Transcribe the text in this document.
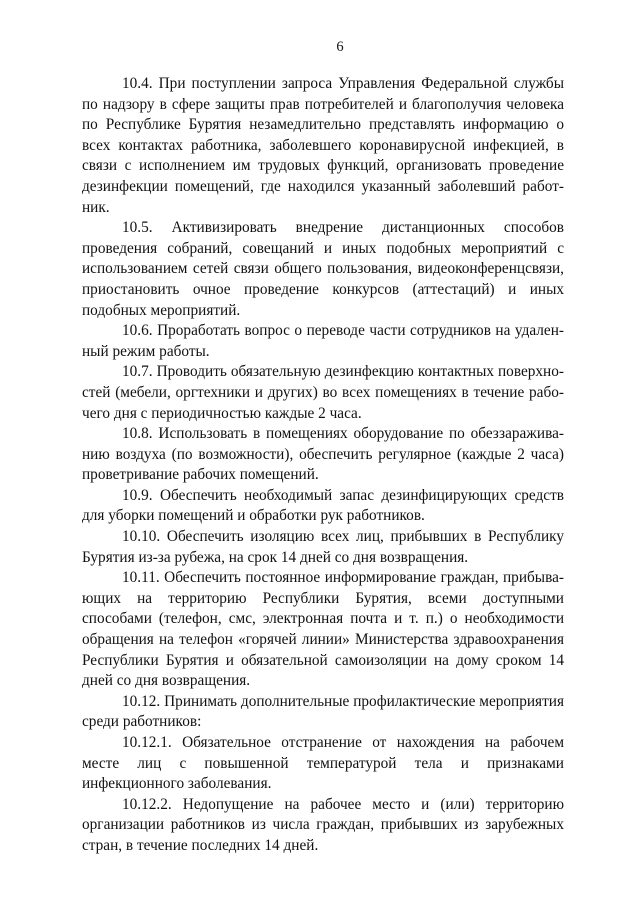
6

10.4. При поступлении запроса Управления Федеральной службы по надзору в сфере защиты прав потребителей и благополучия человека по Республике Бурятия незамедлительно представлять информацию о всех контактах работника, заболевшего коронавирусной инфекцией, в связи с исполнением им трудовых функций, организовать проведение дезинфекции помещений, где находился указанный заболевший работник.

10.5. Активизировать внедрение дистанционных способов проведения собраний, совещаний и иных подобных мероприятий с использованием сетей связи общего пользования, видеоконференцсвязи, приостановить очное проведение конкурсов (аттестаций) и иных подобных мероприятий.

10.6. Проработать вопрос о переводе части сотрудников на удаленный режим работы.

10.7. Проводить обязательную дезинфекцию контактных поверхностей (мебели, оргтехники и других) во всех помещениях в течение рабочего дня с периодичностью каждые 2 часа.

10.8. Использовать в помещениях оборудование по обеззараживанию воздуха (по возможности), обеспечить регулярное (каждые 2 часа) проветривание рабочих помещений.

10.9. Обеспечить необходимый запас дезинфицирующих средств для уборки помещений и обработки рук работников.

10.10. Обеспечить изоляцию всех лиц, прибывших в Республику Бурятия из-за рубежа, на срок 14 дней со дня возвращения.

10.11. Обеспечить постоянное информирование граждан, прибывающих на территорию Республики Бурятия, всеми доступными способами (телефон, смс, электронная почта и т. п.) о необходимости обращения на телефон «горячей линии» Министерства здравоохранения Республики Бурятия и обязательной самоизоляции на дому сроком 14 дней со дня возвращения.

10.12. Принимать дополнительные профилактические мероприятия среди работников:

10.12.1. Обязательное отстранение от нахождения на рабочем месте лиц с повышенной температурой тела и признаками инфекционного заболевания.

10.12.2. Недопущение на рабочее место и (или) территорию организации работников из числа граждан, прибывших из зарубежных стран, в течение последних 14 дней.
